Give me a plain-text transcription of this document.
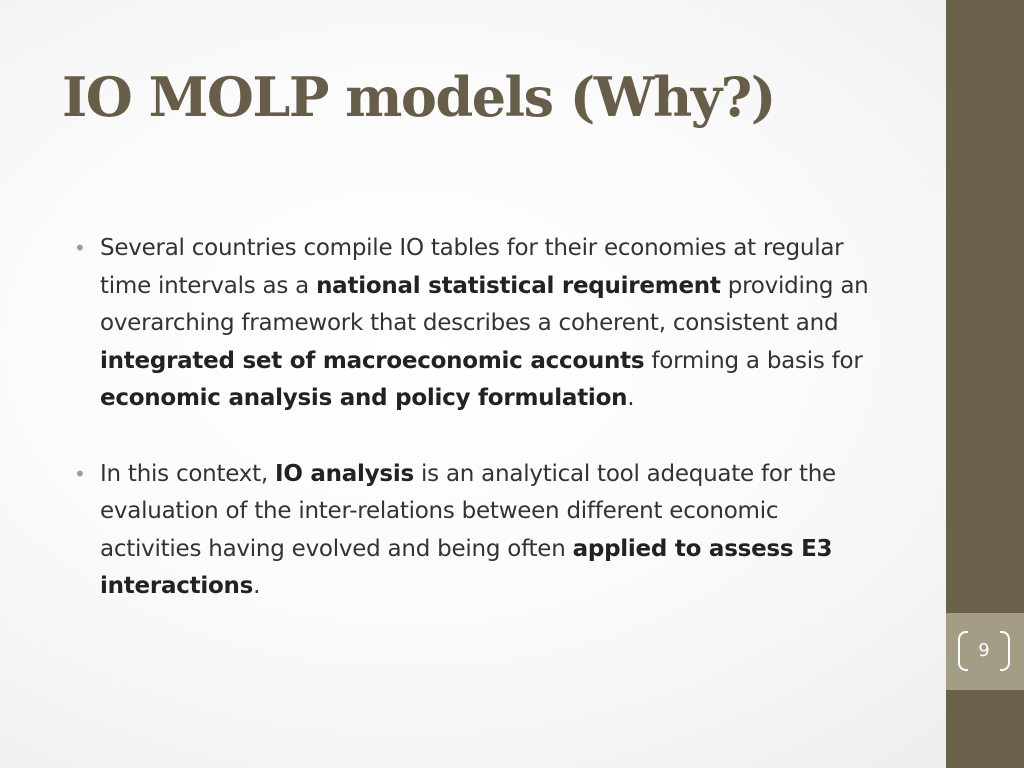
IO MOLP models (Why?)
• Several countries compile IO tables for their economies at regular time intervals as a national statistical requirement providing an overarching framework that describes a coherent, consistent and integrated set of macroeconomic accounts forming a basis for economic analysis and policy formulation.
• In this context, IO analysis is an analytical tool adequate for the evaluation of the inter-relations between different economic activities having evolved and being often applied to assess E3 interactions.
9
